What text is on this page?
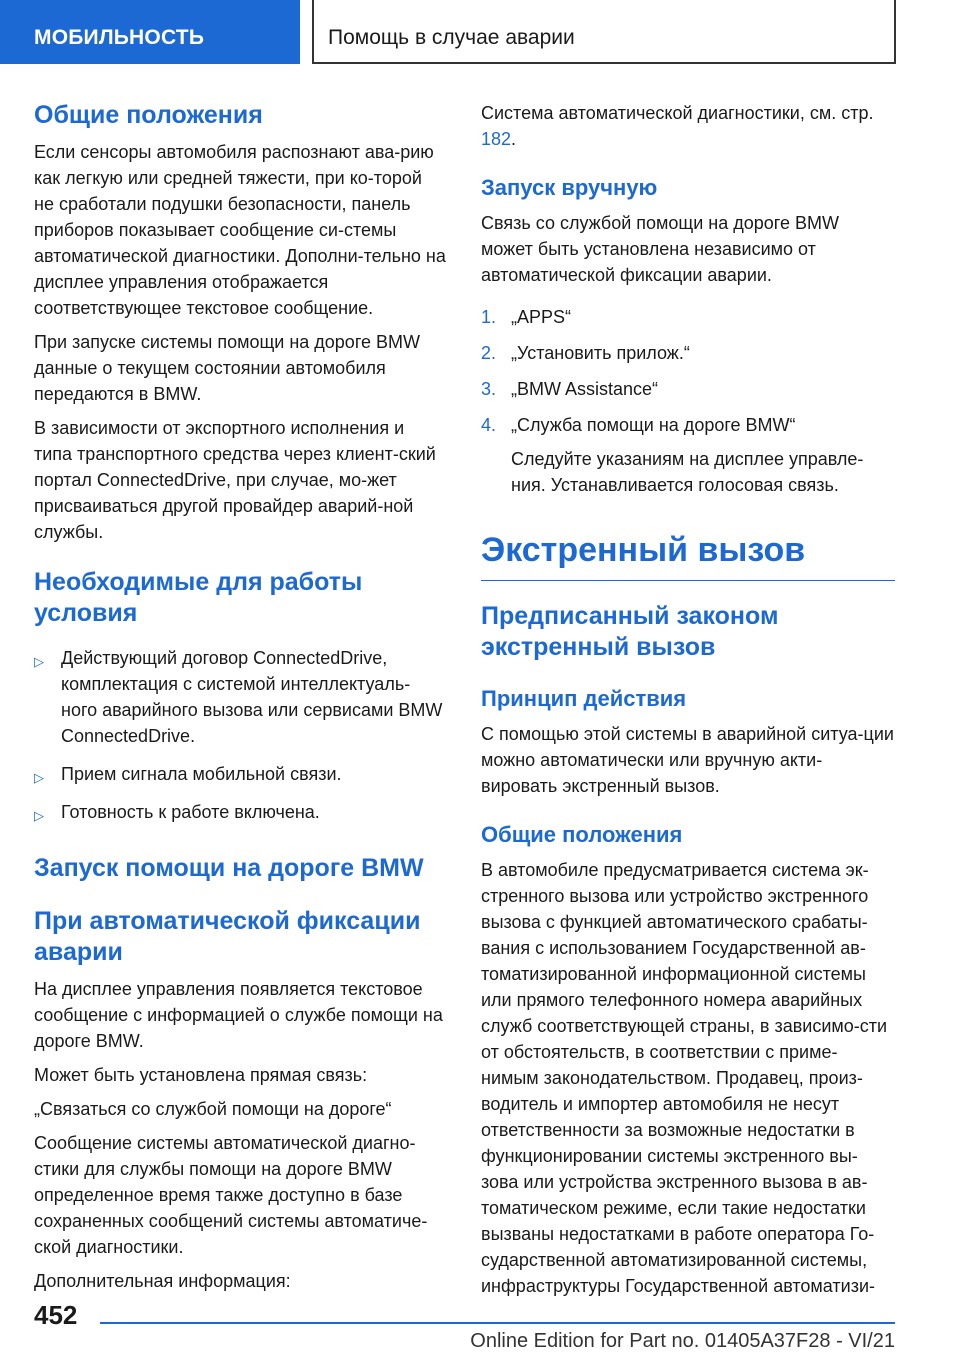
МОБИЛЬНОСТЬ	Помощь в случае аварии
Общие положения

Если сенсоры автомобиля распознают ава-рию как легкую или средней тяжести, при ко-торой не сработали подушки безопасности, панель приборов показывает сообщение си-стемы автоматической диагностики. Дополни-тельно на дисплее управления отображается соответствующее текстовое сообщение.

При запуске системы помощи на дороге BMW данные о текущем состоянии автомобиля передаются в BMW.

В зависимости от экспортного исполнения и типа транспортного средства через клиент-ский портал ConnectedDrive, при случае, мо-жет присваиваться другой провайдер аварий-ной службы.

Необходимые для работы условия
▷ Действующий договор ConnectedDrive, комплектация с системой интеллектуаль-ного аварийного вызова или сервисами BMW ConnectedDrive.
▷ Прием сигнала мобильной связи.
▷ Готовность к работе включена.
Запуск помощи на дороге BMW
При автоматической фиксации аварии

На дисплее управления появляется текстовое сообщение с информацией о службе помощи на дороге BMW.

Может быть установлена прямая связь:

„Связаться со службой помощи на дороге“

Сообщение системы автоматической диагно-стики для службы помощи на дороге BMW определенное время также доступно в базе сохраненных сообщений системы автоматиче-ской диагностики.

Дополнительная информация:

Система автоматической диагностики, см. стр. 182.

Запуск вручную

Связь со службой помощи на дороге BMW может быть установлена независимо от автоматической фиксации аварии.

1. „APPS“
2. „Установить прилож.“
3. „BMW Assistance“
4. „Служба помощи на дороге BMW“
Следуйте указаниям на дисплее управле-ния. Устанавливается голосовая связь.
Экстренный вызов
Предписанный законом экстренный вызов
Принцип действия

С помощью этой системы в аварийной ситуа-ции можно автоматически или вручную акти-вировать экстренный вызов.

Общие положения

В автомобиле предусматривается система эк-стренного вызова или устройство экстренного вызова с функцией автоматического срабаты-вания с использованием Государственной ав-томатизированной информационной системы или прямого телефонного номера аварийных служб соответствующей страны, в зависимо-сти от обстоятельств, в соответствии с приме-нимым законодательством. Продавец, произ-водитель и импортер автомобиля не несут ответственности за возможные недостатки в функционировании системы экстренного вы-зова или устройства экстренного вызова в ав-томатическом режиме, если такие недостатки вызваны недостатками в работе оператора Го-сударственной автоматизированной системы, инфраструктуры Государственной автоматизи-

452
Online Edition for Part no. 01405A37F28 - VI/21
